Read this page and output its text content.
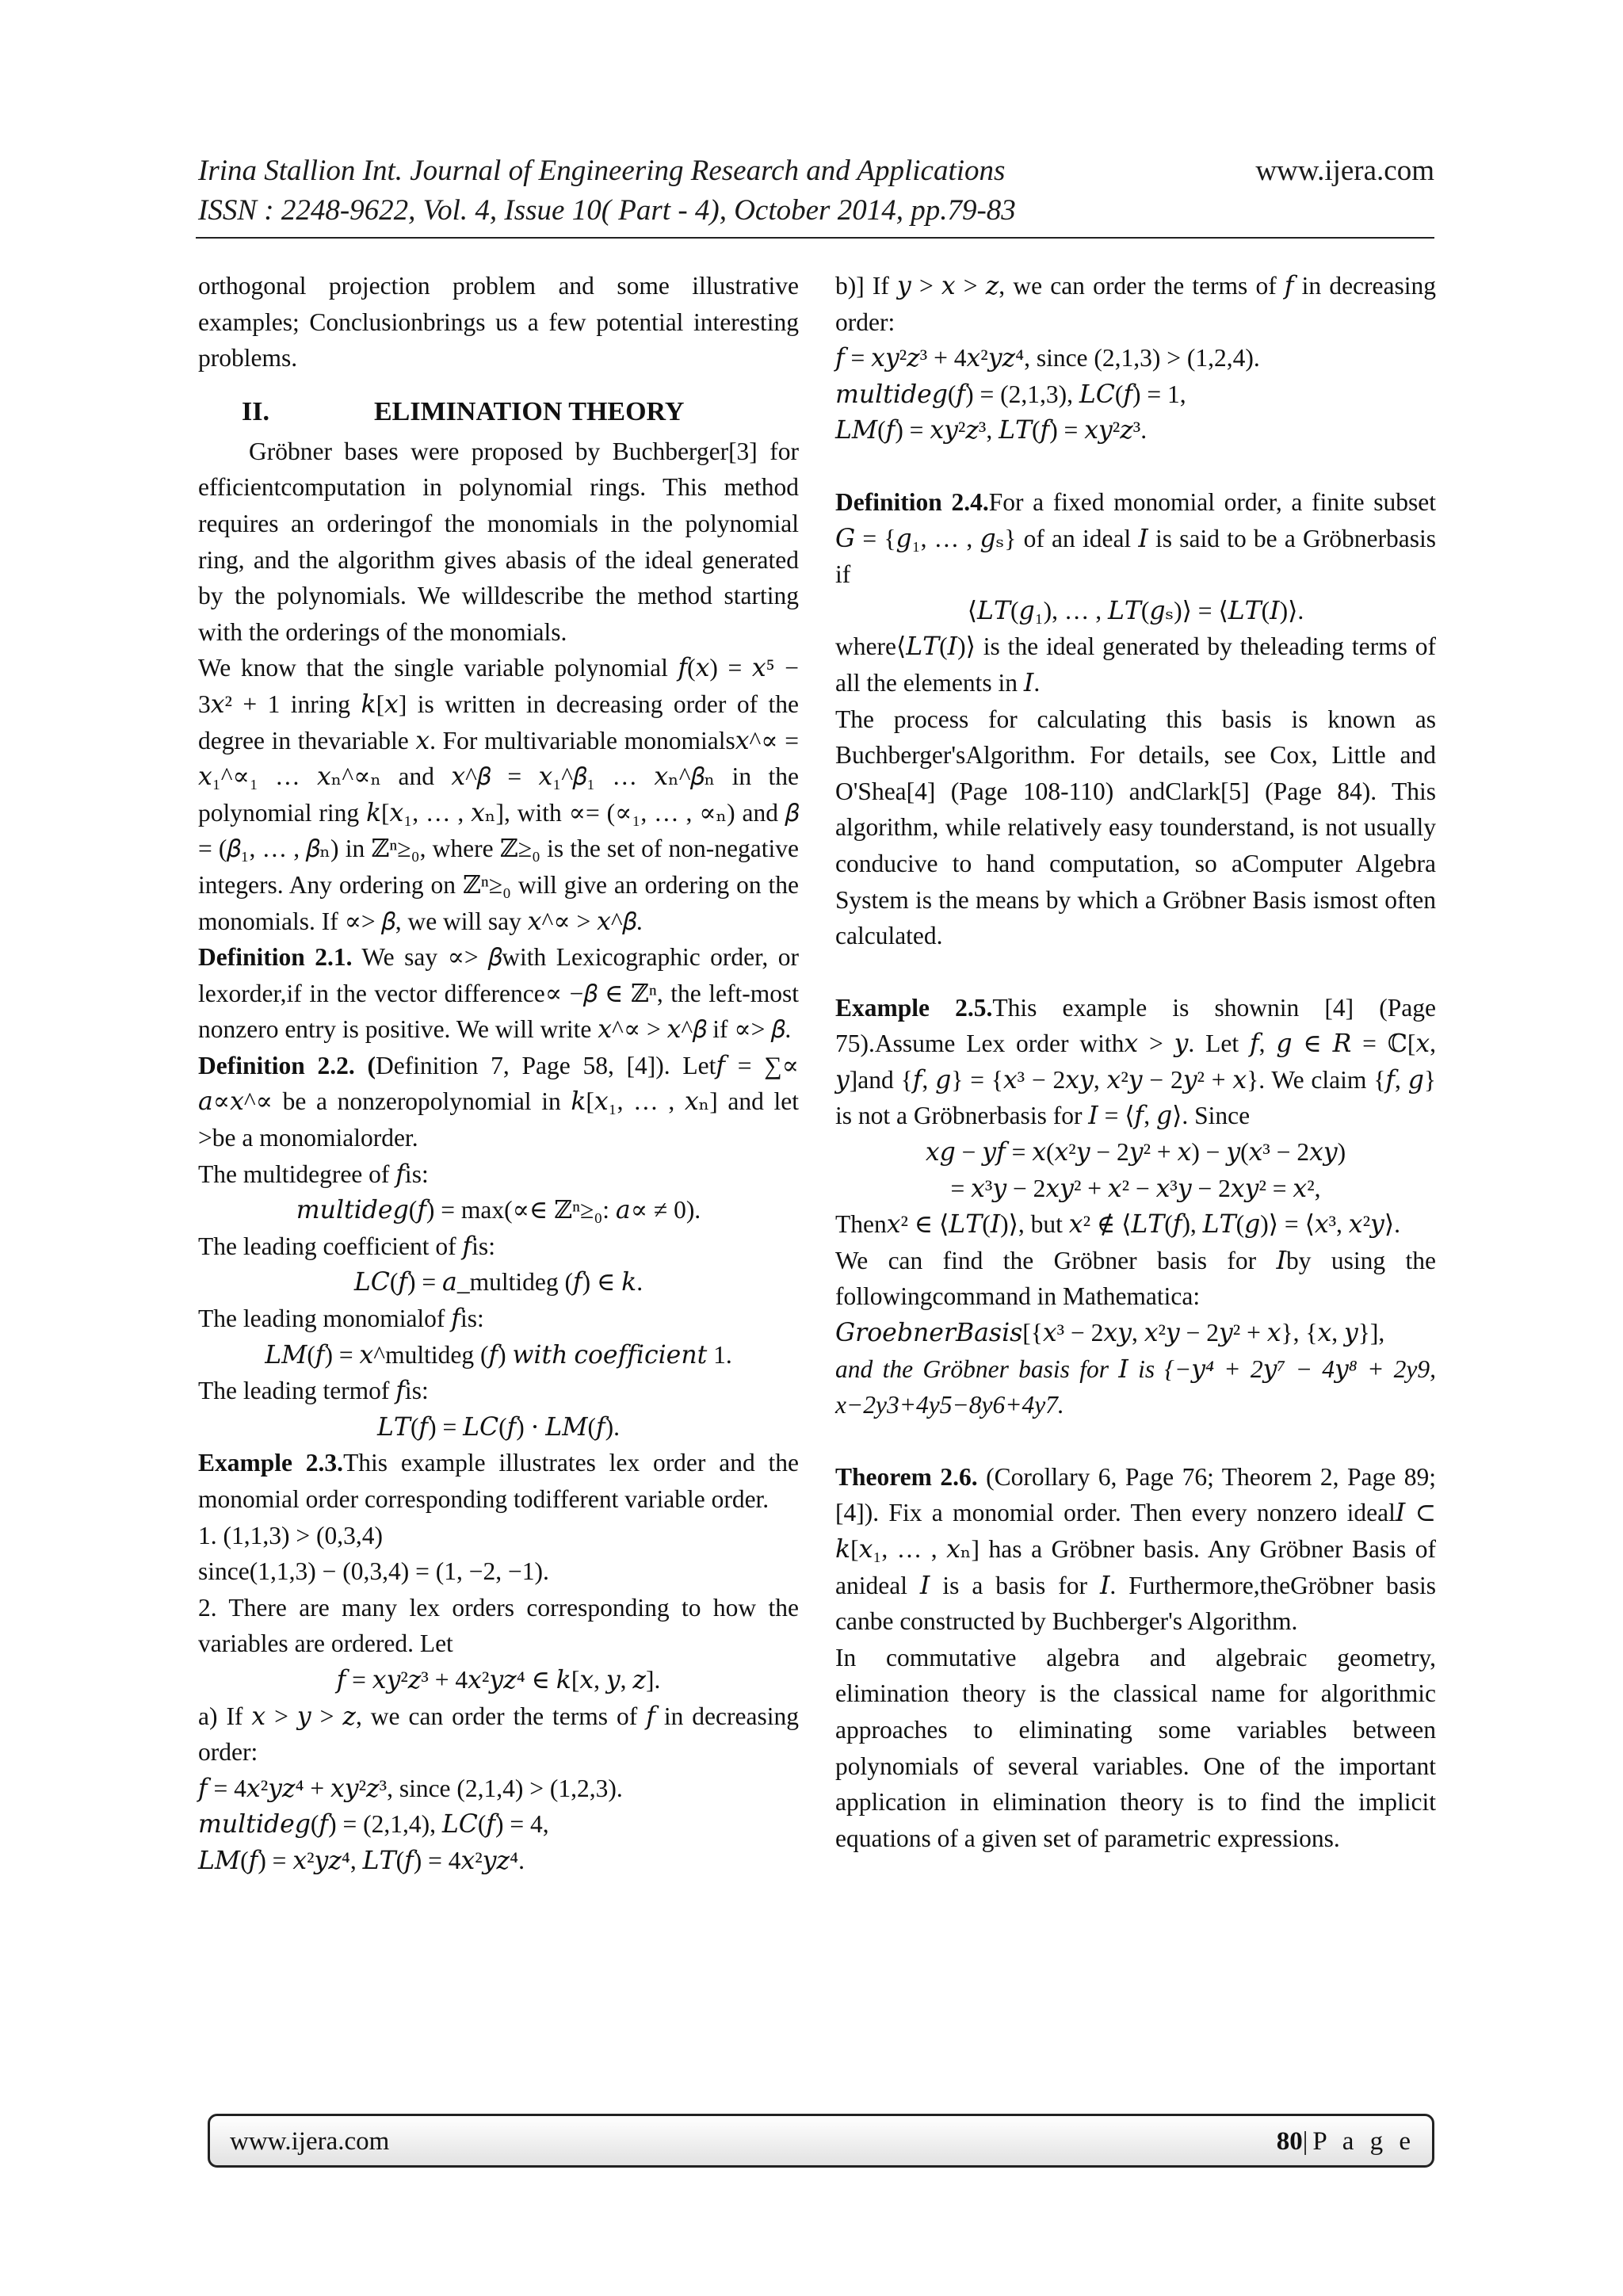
Irina Stallion Int. Journal of Engineering Research and Applications	www.ijera.com
ISSN : 2248-9622, Vol. 4, Issue 10( Part - 4), October 2014, pp.79-83

orthogonal projection problem and some illustrative examples; Conclusionbrings us a few potential interesting problems.

II.	ELIMINATION THEORY

Gröbner bases were proposed by Buchberger[3] for efficientcomputation in polynomial rings. This method requires an orderingof the monomials in the polynomial ring, and the algorithm gives abasis of the ideal generated by the polynomials. We willdescribe the method starting with the orderings of the monomials.

We know that the single variable polynomial 𝑓(𝑥) = 𝑥⁵ − 3𝑥² + 1 inring 𝑘[𝑥] is written in decreasing order of the degree in thevariable 𝑥. For multivariable monomials𝑥^∝ = 𝑥₁^∝₁ … 𝑥ₙ^∝ₙ and 𝑥^𝛽 = 𝑥₁^𝛽₁ … 𝑥ₙ^𝛽ₙ in the polynomial ring 𝑘[𝑥₁, … , 𝑥ₙ], with ∝= (∝₁, … , ∝ₙ) and 𝛽 = (𝛽₁, … , 𝛽ₙ) in ℤⁿ≥₀, where ℤ≥₀ is the set of non-negative integers. Any ordering on ℤⁿ≥₀ will give an ordering on the monomials. If ∝> 𝛽, we will say 𝑥^∝ > 𝑥^𝛽.

Definition 2.1. We say ∝> 𝛽with Lexicographic order, or lexorder,if in the vector difference∝ −𝛽 ∈ ℤⁿ, the left-most nonzero entry is positive. We will write 𝑥^∝ > 𝑥^𝛽 if ∝> 𝛽.

Definition 2.2. (Definition 7, Page 58, [4]). Let𝑓 = ∑∝ 𝑎∝𝑥^∝ be a nonzeropolynomial in 𝑘[𝑥₁, … , 𝑥ₙ] and let >be a monomialorder.

The multidegree of 𝑓is:

𝑚𝑢𝑙𝑡𝑖𝑑𝑒𝑔(𝑓) = max(∝∈ ℤⁿ≥₀: 𝑎∝ ≠ 0).

The leading coefficient of 𝑓is:

𝐿𝐶(𝑓) = 𝑎_multideg (𝑓) ∈ 𝑘.

The leading monomialof 𝑓is:

𝐿𝑀(𝑓) = 𝑥^multideg (𝑓) 𝑤𝑖𝑡ℎ 𝑐𝑜𝑒𝑓𝑓𝑖𝑐𝑖𝑒𝑛𝑡 1.

The leading termof 𝑓is:

𝐿𝑇(𝑓) = 𝐿𝐶(𝑓) ⋅ 𝐿𝑀(𝑓).

Example 2.3.This example illustrates lex order and the monomial order corresponding todifferent variable order.

1. (1,1,3) > (0,3,4)

since(1,1,3) − (0,3,4) = (1, −2, −1).

2. There are many lex orders corresponding to how the variables are ordered. Let

𝑓 = 𝑥𝑦²𝑧³ + 4𝑥²𝑦𝑧⁴ ∈ 𝑘[𝑥, 𝑦, 𝑧].

a) If 𝑥 > 𝑦 > 𝑧, we can order the terms of 𝑓 in decreasing order:

𝑓 = 4𝑥²𝑦𝑧⁴ + 𝑥𝑦²𝑧³, since (2,1,4) > (1,2,3).

𝑚𝑢𝑙𝑡𝑖𝑑𝑒𝑔(𝑓) = (2,1,4), 𝐿𝐶(𝑓) = 4,

𝐿𝑀(𝑓) = 𝑥²𝑦𝑧⁴, 𝐿𝑇(𝑓) = 4𝑥²𝑦𝑧⁴.

b)] If 𝑦 > 𝑥 > 𝑧, we can order the terms of 𝑓 in decreasing order:

𝑓 = 𝑥𝑦²𝑧³ + 4𝑥²𝑦𝑧⁴, since (2,1,3) > (1,2,4).

𝑚𝑢𝑙𝑡𝑖𝑑𝑒𝑔(𝑓) = (2,1,3), 𝐿𝐶(𝑓) = 1,

𝐿𝑀(𝑓) = 𝑥𝑦²𝑧³, 𝐿𝑇(𝑓) = 𝑥𝑦²𝑧³.

Definition 2.4.For a fixed monomial order, a finite subset 𝐺 = {𝑔₁, … , 𝑔ₛ} of an ideal 𝐼 is said to be a Gröbnerbasis if

⟨𝐿𝑇(𝑔₁), … , 𝐿𝑇(𝑔ₛ)⟩ = ⟨𝐿𝑇(𝐼)⟩.

where⟨𝐿𝑇(𝐼)⟩ is the ideal generated by theleading terms of all the elements in 𝐼.

The process for calculating this basis is known as Buchberger'sAlgorithm. For details, see Cox, Little and O'Shea[4] (Page 108-110) andClark[5] (Page 84). This algorithm, while relatively easy tounderstand, is not usually conducive to hand computation, so aComputer Algebra System is the means by which a Gröbner Basis ismost often calculated.

Example 2.5.This example is shownin [4] (Page 75).Assume Lex order with𝑥 > 𝑦. Let 𝑓, 𝑔 ∈ 𝑅 = ℂ[𝑥, 𝑦]and {𝑓, 𝑔} = {𝑥³ − 2𝑥𝑦, 𝑥²𝑦 − 2𝑦² + 𝑥}. We claim {𝑓, 𝑔} is not a Gröbnerbasis for 𝐼 = ⟨𝑓, 𝑔⟩. Since

𝑥𝑔 − 𝑦𝑓 = 𝑥(𝑥²𝑦 − 2𝑦² + 𝑥) − 𝑦(𝑥³ − 2𝑥𝑦)

= 𝑥³𝑦 − 2𝑥𝑦² + 𝑥² − 𝑥³𝑦 − 2𝑥𝑦² = 𝑥²,

Then𝑥² ∈ ⟨𝐿𝑇(𝐼)⟩, but 𝑥² ∉ ⟨𝐿𝑇(𝑓), 𝐿𝑇(𝑔)⟩ = ⟨𝑥³, 𝑥²𝑦⟩.

We can find the Gröbner basis for 𝐼by using the followingcommand in Mathematica:

𝐺𝑟𝑜𝑒𝑏𝑛𝑒𝑟𝐵𝑎𝑠𝑖𝑠[{𝑥³ − 2𝑥𝑦, 𝑥²𝑦 − 2𝑦² + 𝑥}, {𝑥, 𝑦}],

and the Gröbner basis for 𝐼 is {−𝑦⁴ + 2𝑦⁷ − 4𝑦⁸ + 2y9, x−2y3+4y5−8y6+4y7.

Theorem 2.6. (Corollary 6, Page 76; Theorem 2, Page 89; [4]). Fix a monomial order. Then every nonzero ideal𝐼 ⊂ 𝑘[𝑥₁, … , 𝑥ₙ] has a Gröbner basis. Any Gröbner Basis of anideal 𝐼 is a basis for 𝐼. Furthermore,theGröbner basis canbe constructed by Buchberger's Algorithm.

In commutative algebra and algebraic geometry, elimination theory is the classical name for algorithmic approaches to eliminating some variables between polynomials of several variables. One of the important application in elimination theory is to find the implicit equations of a given set of parametric expressions.

www.ijera.com	80|P a g e
